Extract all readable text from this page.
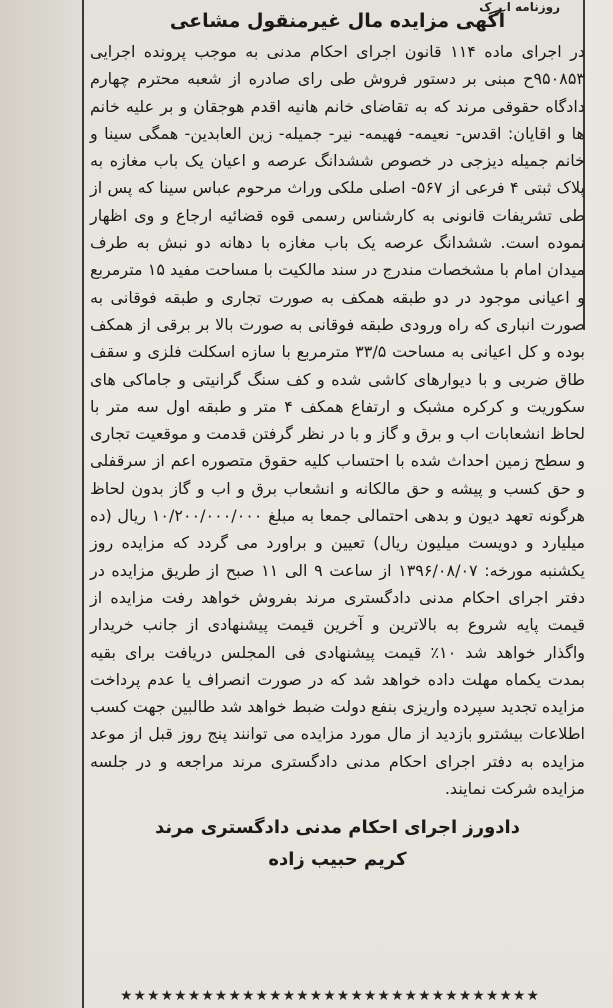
روزنامه ا ر ک
آگهی مزایده مال غیرمنقول مشاعی

در اجرای ماده ۱۱۴ قانون اجرای احکام مدنی به موجب پرونده اجرایی ۹۵۰۸۵۳ح مبنی بر دستور فروش طی رای صادره از شعبه محترم چهارم دادگاه حقوقی مرند که به تقاضای خانم هانیه اقدم هوجقان و بر علیه خانم ها و اقایان: اقدس- نعیمه- فهیمه- نیر- جمیله- زین العابدین- همگی سینا و خانم جمیله دیزجی در خصوص ششدانگ عرصه و اعیان یک باب مغازه به پلاک ثبتی ۴ فرعی از ۵۶۷- اصلی ملکی وراث مرحوم عباس سینا که پس از طی تشریفات قانونی به کارشناس رسمی قوه قضائیه ارجاع و وی اظهار نموده است. ششدانگ عرصه یک باب مغازه با دهانه دو نبش به طرف میدان امام با مشخصات مندرج در سند مالکیت با مساحت مفید ۱۵ مترمربع و اعیانی موجود در دو طبقه همکف به صورت تجاری و طبقه فوقانی به صورت انباری که راه ورودی طبقه فوقانی به صورت بالا بر برقی از همکف بوده و کل اعیانی به مساحت ۳۳/۵ مترمربع با سازه اسکلت فلزی و سقف طاق ضربی و با دیوارهای کاشی شده و کف سنگ گرانیتی و جاماکی های سکوریت و کرکره مشبک و ارتفاع همکف ۴ متر و طبقه اول سه متر با لحاظ انشعابات اب و برق و گاز و با در نظر گرفتن قدمت و موقعیت تجاری و سطح زمین احداث شده با احتساب کلیه حقوق متصوره اعم از سرقفلی و حق کسب و پیشه و حق مالکانه و انشعاب برق و اب و گاز بدون لحاظ هرگونه تعهد دیون و بدهی احتمالی جمعا به مبلغ ۱۰/۲۰۰/۰۰۰/۰۰۰ ریال (ده میلیارد و دویست میلیون ریال) تعیین و براورد می گردد که مزایده روز یکشنبه مورخه: ۱۳۹۶/۰۸/۰۷ از ساعت ۹ الی ۱۱ صبح از طریق مزایده در دفتر اجرای احکام مدنی دادگستری مرند بفروش خواهد رفت مزایده از قیمت پایه شروع به بالاترین و آخرین قیمت پیشنهادی از جانب خریدار واگذار خواهد شد ۱۰٪ قیمت پیشنهادی فی المجلس دریافت برای بقیه بمدت یکماه مهلت داده خواهد شد که در صورت انصراف یا عدم پرداخت مزایده تجدید سپرده واریزی بنفع دولت ضبط خواهد شد طالبین جهت کسب اطلاعات بیشترو بازدید از مال مورد مزایده می توانند پنج روز قبل از موعد مزایده به دفتر اجرای احکام مدنی دادگستری مرند مراجعه و در جلسه مزایده شرکت نمایند.

دادورز اجرای احکام مدنی دادگستری مرند
کریم حبیب زاده
★★★★★★★★★★★★★★★★★★★★★★★★★★★★★★★
